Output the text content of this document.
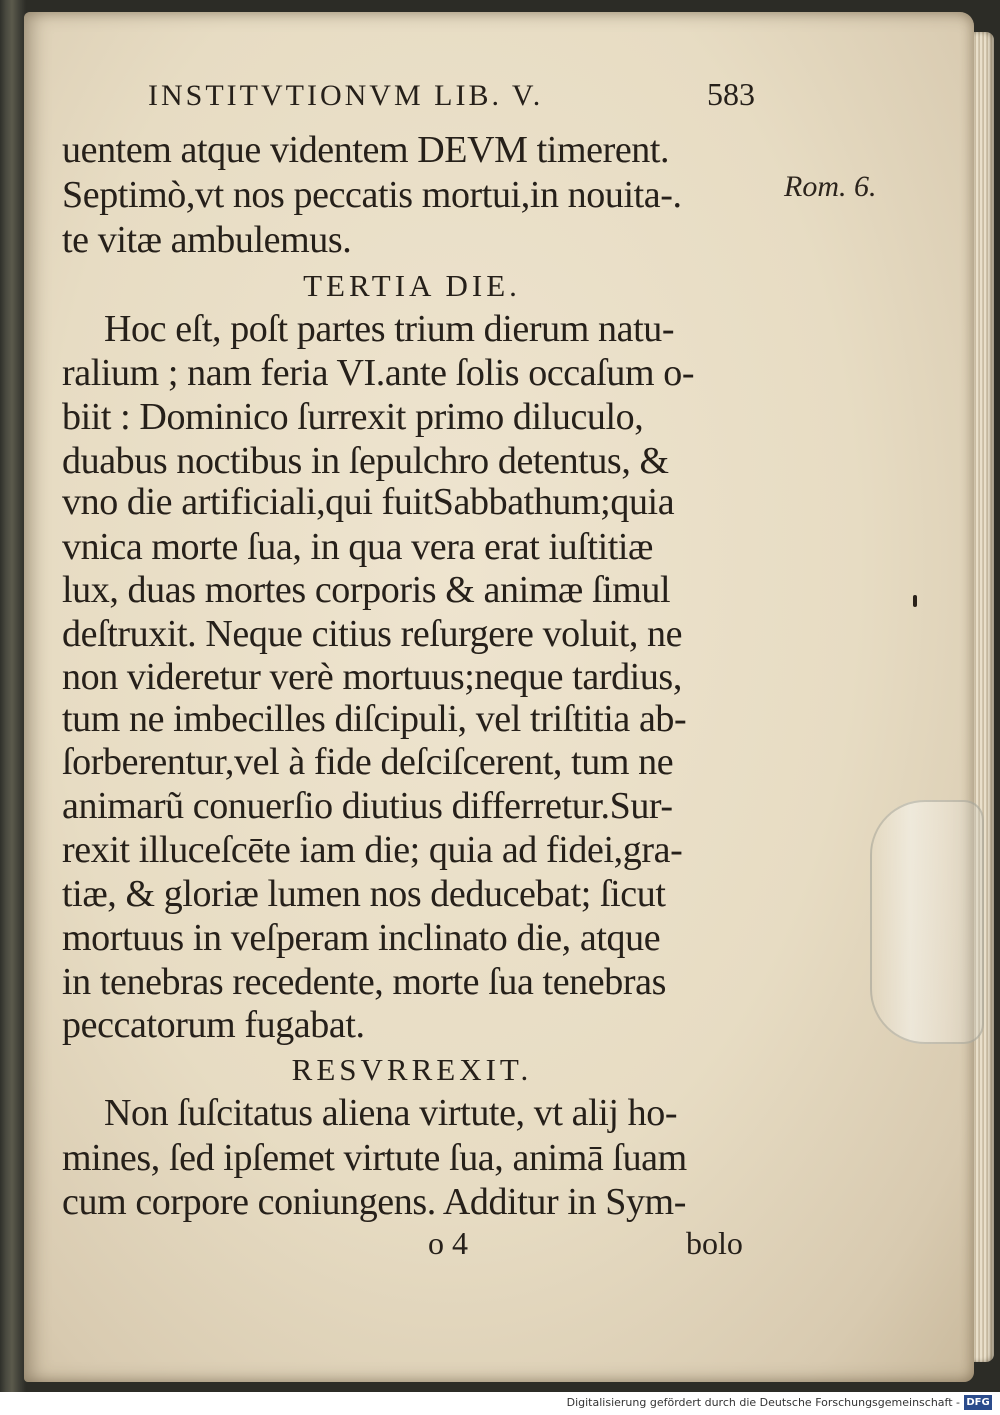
INSTITVTIONVM LIB. V.	583
uentem atque videntem DEVM timerent.
Septimò,vt nos peccatis mortui,in nouita-.
te vitæ ambulemus.
Rom. 6.
TERTIA DIE.
Hoc eſt, poſt partes trium dierum natu-
ralium ; nam feria VI.ante ſolis occaſum o-
biit : Dominico ſurrexit primo diluculo,
duabus noctibus in ſepulchro detentus, &
vno die artificiali,qui fuitSabbathum;quia
vnica morte ſua, in qua vera erat iuſtitiæ
lux, duas mortes corporis & animæ ſimul
deſtruxit. Neque citius reſurgere voluit, ne
non videretur verè mortuus;neque tardius,
tum ne imbecilles diſcipuli, vel triſtitia ab-
ſorberentur,vel à fide deſciſcerent, tum ne
animarũ conuerſio diutius differretur.Sur-
rexit illuceſcēte iam die; quia ad fidei,gra-
tiæ, & gloriæ lumen nos deducebat; ſicut
mortuus in veſperam inclinato die, atque
in tenebras recedente, morte ſua tenebras
peccatorum fugabat.
RESVRREXIT.
Non ſuſcitatus aliena virtute, vt alij ho-
mines, ſed ipſemet virtute ſua, animā ſuam
cum corpore coniungens. Additur in Sym-
o 4	bolo
Digitalisierung gefördert durch die Deutsche Forschungsgemeinschaft - DFG
